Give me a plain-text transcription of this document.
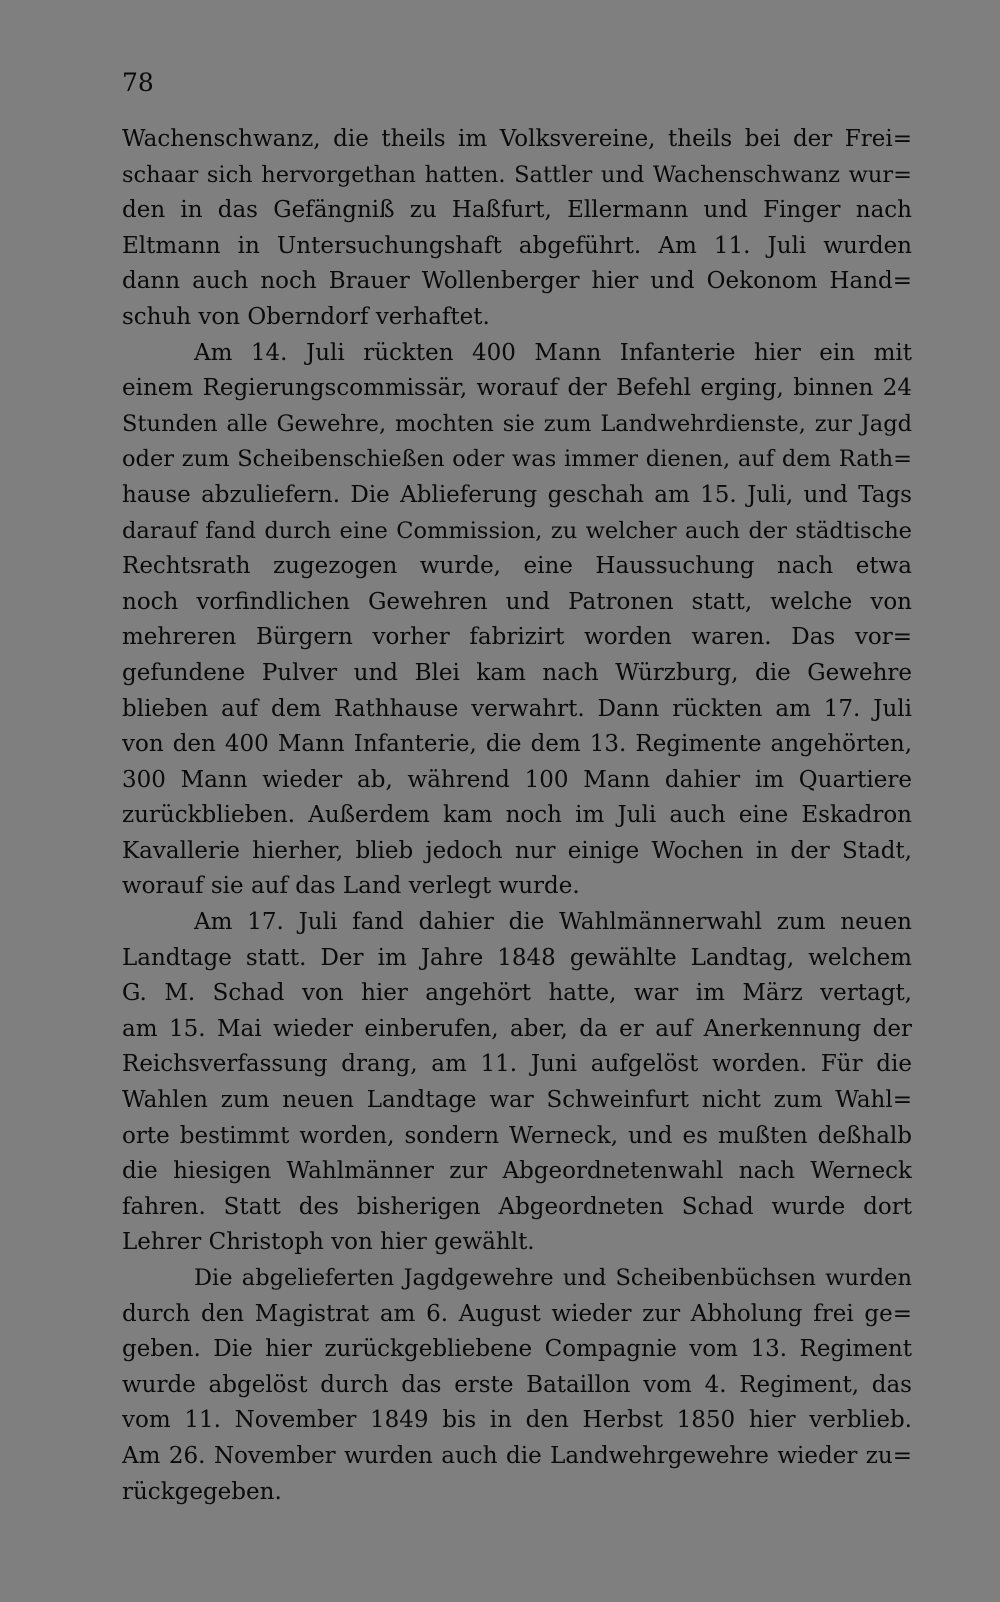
78
Wachenschwanz, die theils im Volksvereine, theils bei der Frei=
schaar sich hervorgethan hatten. Sattler und Wachenschwanz wur=
den in das Gefängniß zu Haßfurt, Ellermann und Finger nach
Eltmann in Untersuchungshaft abgeführt. Am 11. Juli wurden
dann auch noch Brauer Wollenberger hier und Oekonom Hand=
schuh von Oberndorf verhaftet.
Am 14. Juli rückten 400 Mann Infanterie hier ein mit
einem Regierungscommissär, worauf der Befehl erging, binnen 24
Stunden alle Gewehre, mochten sie zum Landwehrdienste, zur Jagd
oder zum Scheibenschießen oder was immer dienen, auf dem Rath=
hause abzuliefern. Die Ablieferung geschah am 15. Juli, und Tags
darauf fand durch eine Commission, zu welcher auch der städtische
Rechtsrath zugezogen wurde, eine Haussuchung nach etwa
noch vorfindlichen Gewehren und Patronen statt, welche von
mehreren Bürgern vorher fabrizirt worden waren. Das vor=
gefundene Pulver und Blei kam nach Würzburg, die Gewehre
blieben auf dem Rathhause verwahrt. Dann rückten am 17. Juli
von den 400 Mann Infanterie, die dem 13. Regimente angehörten,
300 Mann wieder ab, während 100 Mann dahier im Quartiere
zurückblieben. Außerdem kam noch im Juli auch eine Eskadron
Kavallerie hierher, blieb jedoch nur einige Wochen in der Stadt,
worauf sie auf das Land verlegt wurde.
Am 17. Juli fand dahier die Wahlmännerwahl zum neuen
Landtage statt. Der im Jahre 1848 gewählte Landtag, welchem
G. M. Schad von hier angehört hatte, war im März vertagt,
am 15. Mai wieder einberufen, aber, da er auf Anerkennung der
Reichsverfassung drang, am 11. Juni aufgelöst worden. Für die
Wahlen zum neuen Landtage war Schweinfurt nicht zum Wahl=
orte bestimmt worden, sondern Werneck, und es mußten deßhalb
die hiesigen Wahlmänner zur Abgeordnetenwahl nach Werneck
fahren. Statt des bisherigen Abgeordneten Schad wurde dort
Lehrer Christoph von hier gewählt.
Die abgelieferten Jagdgewehre und Scheibenbüchsen wurden
durch den Magistrat am 6. August wieder zur Abholung frei ge=
geben. Die hier zurückgebliebene Compagnie vom 13. Regiment
wurde abgelöst durch das erste Bataillon vom 4. Regiment, das
vom 11. November 1849 bis in den Herbst 1850 hier verblieb.
Am 26. November wurden auch die Landwehrgewehre wieder zu=
rückgegeben.
